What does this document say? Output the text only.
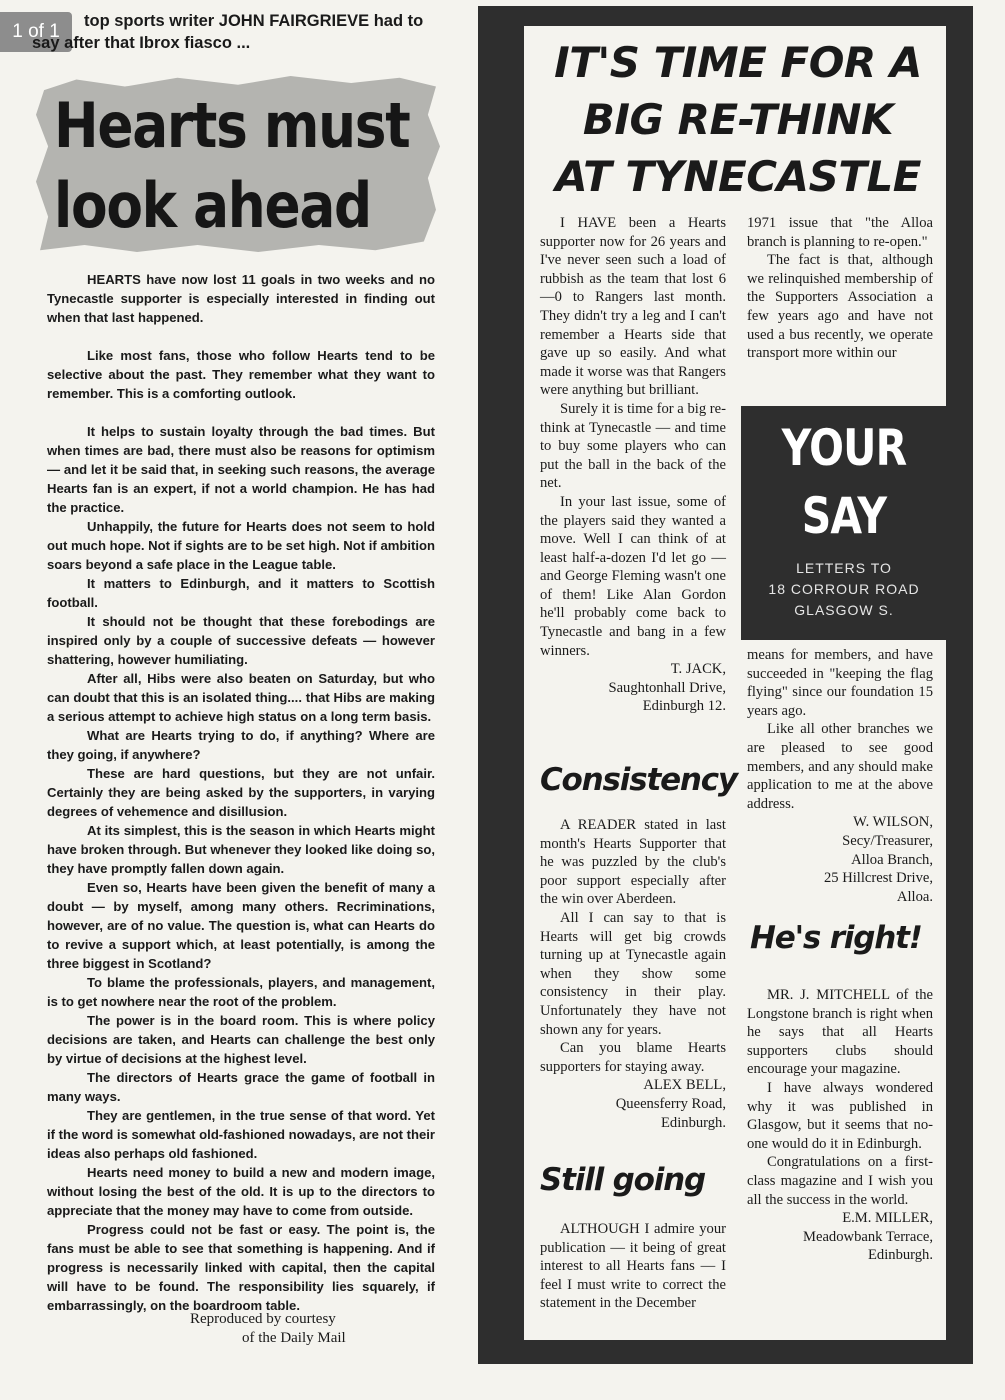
1 of 1	top sports writer JOHN FAIRGRIEVE had to say after that Ibrox fiasco ...
Hearts must
look ahead

HEARTS have now lost 11 goals in two weeks and no Tynecastle supporter is especially interested in finding out when that last happened.

Like most fans, those who follow Hearts tend to be selective about the past. They remember what they want to remember. This is a comforting outlook.

It helps to sustain loyalty through the bad times. But when times are bad, there must also be reasons for optimism — and let it be said that, in seeking such reasons, the average Hearts fan is an expert, if not a world champion. He has had the practice.

Unhappily, the future for Hearts does not seem to hold out much hope. Not if sights are to be set high. Not if ambition soars beyond a safe place in the League table.

It matters to Edinburgh, and it matters to Scottish football.

It should not be thought that these forebodings are inspired only by a couple of successive defeats — however shattering, however humiliating.

After all, Hibs were also beaten on Saturday, but who can doubt that this is an isolated thing.... that Hibs are making a serious attempt to achieve high status on a long term basis.

What are Hearts trying to do, if anything? Where are they going, if anywhere?

These are hard questions, but they are not unfair. Certainly they are being asked by the supporters, in varying degrees of vehemence and disillusion.

At its simplest, this is the season in which Hearts might have broken through. But whenever they looked like doing so, they have promptly fallen down again.

Even so, Hearts have been given the benefit of many a doubt — by myself, among many others. Recriminations, however, are of no value. The question is, what can Hearts do to revive a support which, at least potentially, is among the three biggest in Scotland?

To blame the professionals, players, and management, is to get nowhere near the root of the problem.

The power is in the board room. This is where policy decisions are taken, and Hearts can challenge the best only by virtue of decisions at the highest level.

The directors of Hearts grace the game of football in many ways.

They are gentlemen, in the true sense of that word. Yet if the word is somewhat old-fashioned nowadays, are not their ideas also perhaps old fashioned.

Hearts need money to build a new and modern image, without losing the best of the old. It is up to the directors to appreciate that the money may have to come from outside.

Progress could not be fast or easy. The point is, the fans must be able to see that something is happening. And if progress is necessarily linked with capital, then the capital will have to be found. The responsibility lies squarely, if embarrassingly, on the boardroom table.

Reproduced by courtesy
of the Daily Mail
IT'S TIME FOR A
BIG RE-THINK
AT TYNECASTLE

I HAVE been a Hearts supporter now for 26 years and I've never seen such a load of rubbish as the team that lost 6—0 to Rangers last month. They didn't try a leg and I can't remember a Hearts side that gave up so easily. And what made it worse was that Rangers were anything but brilliant.

Surely it is time for a big re-think at Tynecastle — and time to buy some players who can put the ball in the back of the net.

In your last issue, some of the players said they wanted a move. Well I can think of at least half-a-dozen I'd let go — and George Fleming wasn't one of them! Like Alan Gordon he'll probably come back to Tynecastle and bang in a few winners.

T. JACK,
Saughtonhall Drive,
Edinburgh 12.

1971 issue that "the Alloa branch is planning to re-open."

The fact is that, although we relinquished membership of the Supporters Association a few years ago and have not used a bus recently, we operate transport more within our

YOUR
SAY
LETTERS TO
18 CORROUR ROAD
GLASGOW S.

means for members, and have succeeded in "keeping the flag flying" since our foundation 15 years ago.

Like all other branches we are pleased to see good members, and any should make application to me at the above address.

W. WILSON,
Secy/Treasurer,
Alloa Branch,
25 Hillcrest Drive,
Alloa.
Consistency

A READER stated in last month's Hearts Supporter that he was puzzled by the club's poor support especially after the win over Aberdeen.

All I can say to that is Hearts will get big crowds turning up at Tynecastle again when they show some consistency in their play. Unfortunately they have not shown any for years.

Can you blame Hearts supporters for staying away.

ALEX BELL,
Queensferry Road,
Edinburgh.
Still going

ALTHOUGH I admire your publication — it being of great interest to all Hearts fans — I feel I must write to correct the statement in the December

He's right!

MR. J. MITCHELL of the Longstone branch is right when he says that all Hearts supporters clubs should encourage your magazine.

I have always wondered why it was published in Glasgow, but it seems that no-one would do it in Edinburgh.

Congratulations on a first-class magazine and I wish you all the success in the world.

E.M. MILLER,
Meadowbank Terrace,
Edinburgh.
